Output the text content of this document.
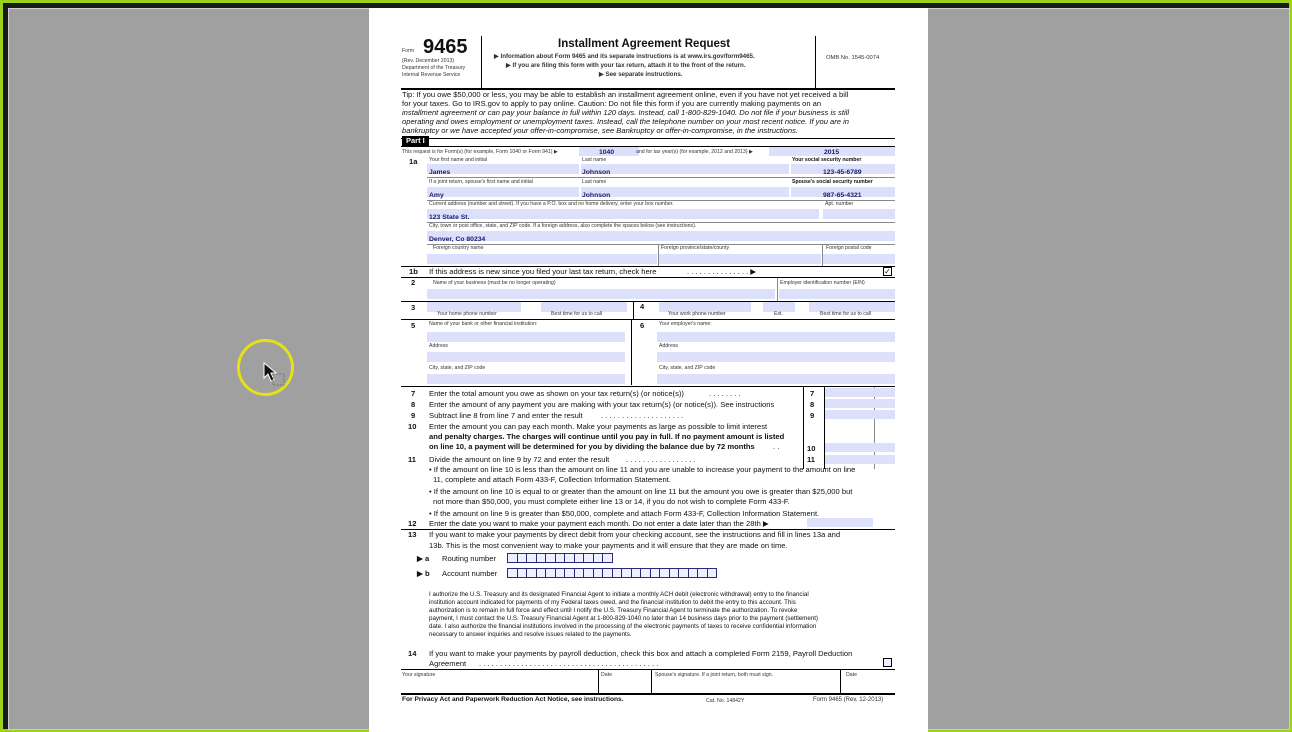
Form 9465
(Rev. December 2013)
Department of the Treasury
Internal Revenue Service
Installment Agreement Request
▶ Information about Form 9465 and its separate instructions is at www.irs.gov/form9465.
▶ If you are filing this form with your tax return, attach it to the front of the return.
▶ See separate instructions.
OMB No. 1545-0074
Tip: If you owe $50,000 or less, you may be able to establish an installment agreement online, even if you have not yet received a bill
for your taxes. Go to IRS.gov to apply to pay online. Caution: Do not file this form if you are currently making payments on an
installment agreement or can pay your balance in full within 120 days. Instead, call 1-800-829-1040. Do not file if your business is still
operating and owes employment or unemployment taxes. Instead, call the telephone number on your most recent notice. If you are in
bankruptcy or we have accepted your offer-in-compromise, see Bankruptcy or offer-in-compromise, in the instructions.
Part I
This request is for Form(s) (for example, Form 1040 or Form 941) ▶	1040	and for tax year(s) (for example, 2012 and 2013) ▶	2015
1a Your first name and initial	Last name	Your social security number
James	Johnson	123-45-6789
If a joint return, spouse's first name and initial	Last name	Spouse's social security number
Amy	Johnson	987-65-4321
Current address (number and street). If you have a P.O. box and no home delivery, enter your box number.	Apt. number
123 State St.
City, town or post office, state, and ZIP code. If a foreign address, also complete the spaces below (see instructions).
Denver, Co 80234
Foreign country name	Foreign province/state/county	Foreign postal code
1b If this address is new since you filed your last tax return, check here	. . . . . . . . . . . . . . . ▶	✓
2	Name of your business (must be no longer operating)	Employer identification number (EIN)
3
Your home phone number	Best time for us to call
4
Your work phone number	Ext.	Best time for us to call
5	Name of your bank or other financial institution:
Address
City, state, and ZIP code
6	Your employer's name:
Address
City, state, and ZIP code
7 Enter the total amount you owe as shown on your tax return(s) (or notice(s))	. . . . . . . .	7
8 Enter the amount of any payment you are making with your tax return(s) (or notice(s)). See instructions	8
9 Subtract line 8 from line 7 and enter the result . . . . . . . . . . . . . . . . . . . .	9
10 Enter the amount you can pay each month. Make your payments as large as possible to limit interest
and penalty charges. The charges will continue until you pay in full. If no payment amount is listed
on line 10, a payment will be determined for you by dividing the balance due by 72 months . .	10
11 Divide the amount on line 9 by 72 and enter the result . . . . . . . . . . . . . . . . .	11
• If the amount on line 10 is less than the amount on line 11 and you are unable to increase your payment to the amount on line
11, complete and attach Form 433-F, Collection Information Statement.
• If the amount on line 10 is equal to or greater than the amount on line 11 but the amount you owe is greater than $25,000 but
not more than $50,000, you must complete either line 13 or 14, if you do not wish to complete Form 433-F.
• If the amount on line 9 is greater than $50,000, complete and attach Form 433-F, Collection Information Statement.
12 Enter the date you want to make your payment each month. Do not enter a date later than the 28th ▶
13 If you want to make your payments by direct debit from your checking account, see the instructions and fill in lines 13a and
13b. This is the most convenient way to make your payments and it will ensure that they are made on time.
▶ a Routing number
▶ b Account number
I authorize the U.S. Treasury and its designated Financial Agent to initiate a monthly ACH debit (electronic withdrawal) entry to the financial
institution account indicated for payments of my Federal taxes owed, and the financial institution to debit the entry to this account. This
authorization is to remain in full force and effect until I notify the U.S. Treasury Financial Agent to terminate the authorization. To revoke
payment, I must contact the U.S. Treasury Financial Agent at 1-800-829-1040 no later than 14 business days prior to the payment (settlement)
date. I also authorize the financial institutions involved in the processing of the electronic payments of taxes to receive confidential information
necessary to answer inquiries and resolve issues related to the payments.
14 If you want to make your payments by payroll deduction, check this box and attach a completed Form 2159, Payroll Deduction
Agreement . . . . . . . . . . . . . . . . . . . . . . . . . . . . . . . . . . . . . . . . . . .
Your signature	Date	Spouse's signature. If a joint return, both must sign.	Date
For Privacy Act and Paperwork Reduction Act Notice, see instructions.	Cat. No. 14842Y	Form 9465 (Rev. 12-2013)
